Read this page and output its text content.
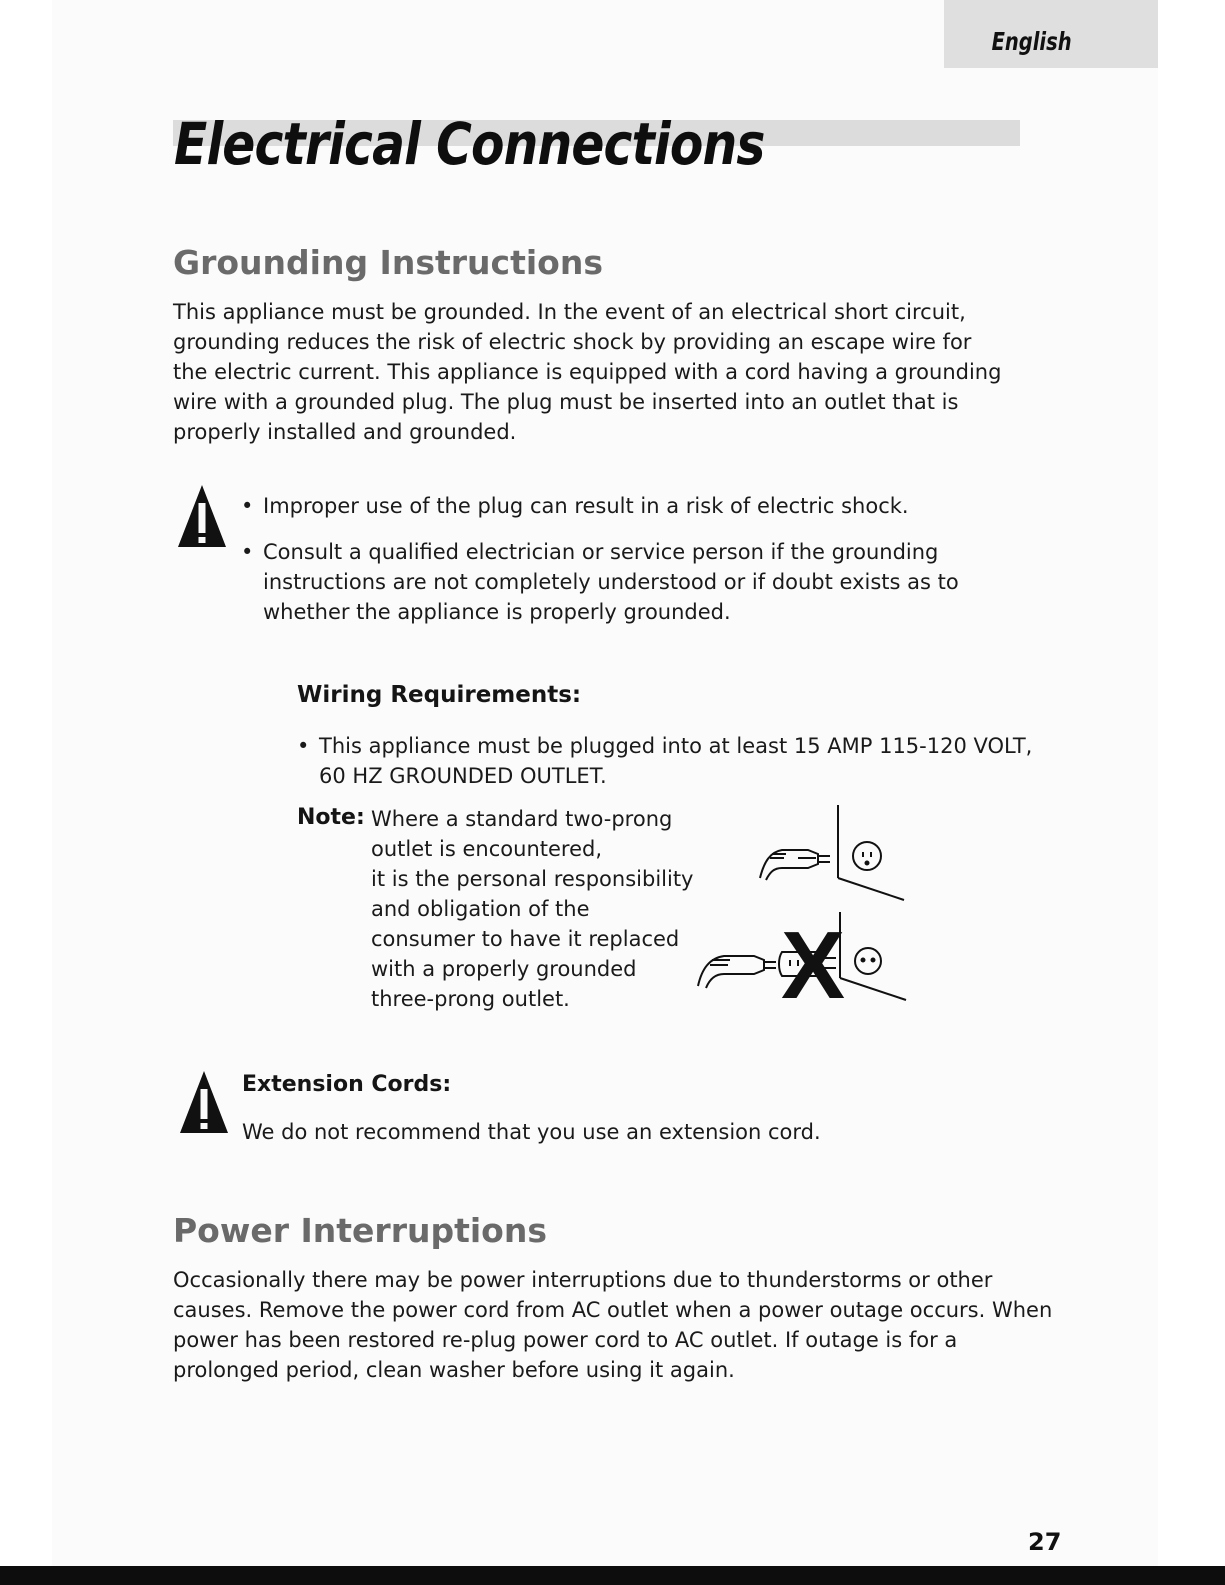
English
Electrical Connections
Grounding Instructions

This appliance must be grounded. In the event of an electrical short circuit,

grounding reduces the risk of electric shock by providing an escape wire for

the electric current. This appliance is equipped with a cord having a grounding

wire with a grounded plug. The plug must be inserted into an outlet that is

properly installed and grounded.

• Improper use of the plug can result in a risk of electric shock.
• Consult a qualified electrician or service person if the grounding

instructions are not completely understood or if doubt exists as to

whether the appliance is properly grounded.

Wiring Requirements:
• This appliance must be plugged into at least 15 AMP 115-120 VOLT,

60 HZ GROUNDED OUTLET.

Note: Where a standard two-prong

outlet is encountered,

it is the personal responsibility

and obligation of the

consumer to have it replaced

with a properly grounded

three-prong outlet.	X
Extension Cords:
We do not recommend that you use an extension cord.
Power Interruptions

Occasionally there may be power interruptions due to thunderstorms or other

causes. Remove the power cord from AC outlet when a power outage occurs. When

power has been restored re-plug power cord to AC outlet. If outage is for a

prolonged period, clean washer before using it again.

27
